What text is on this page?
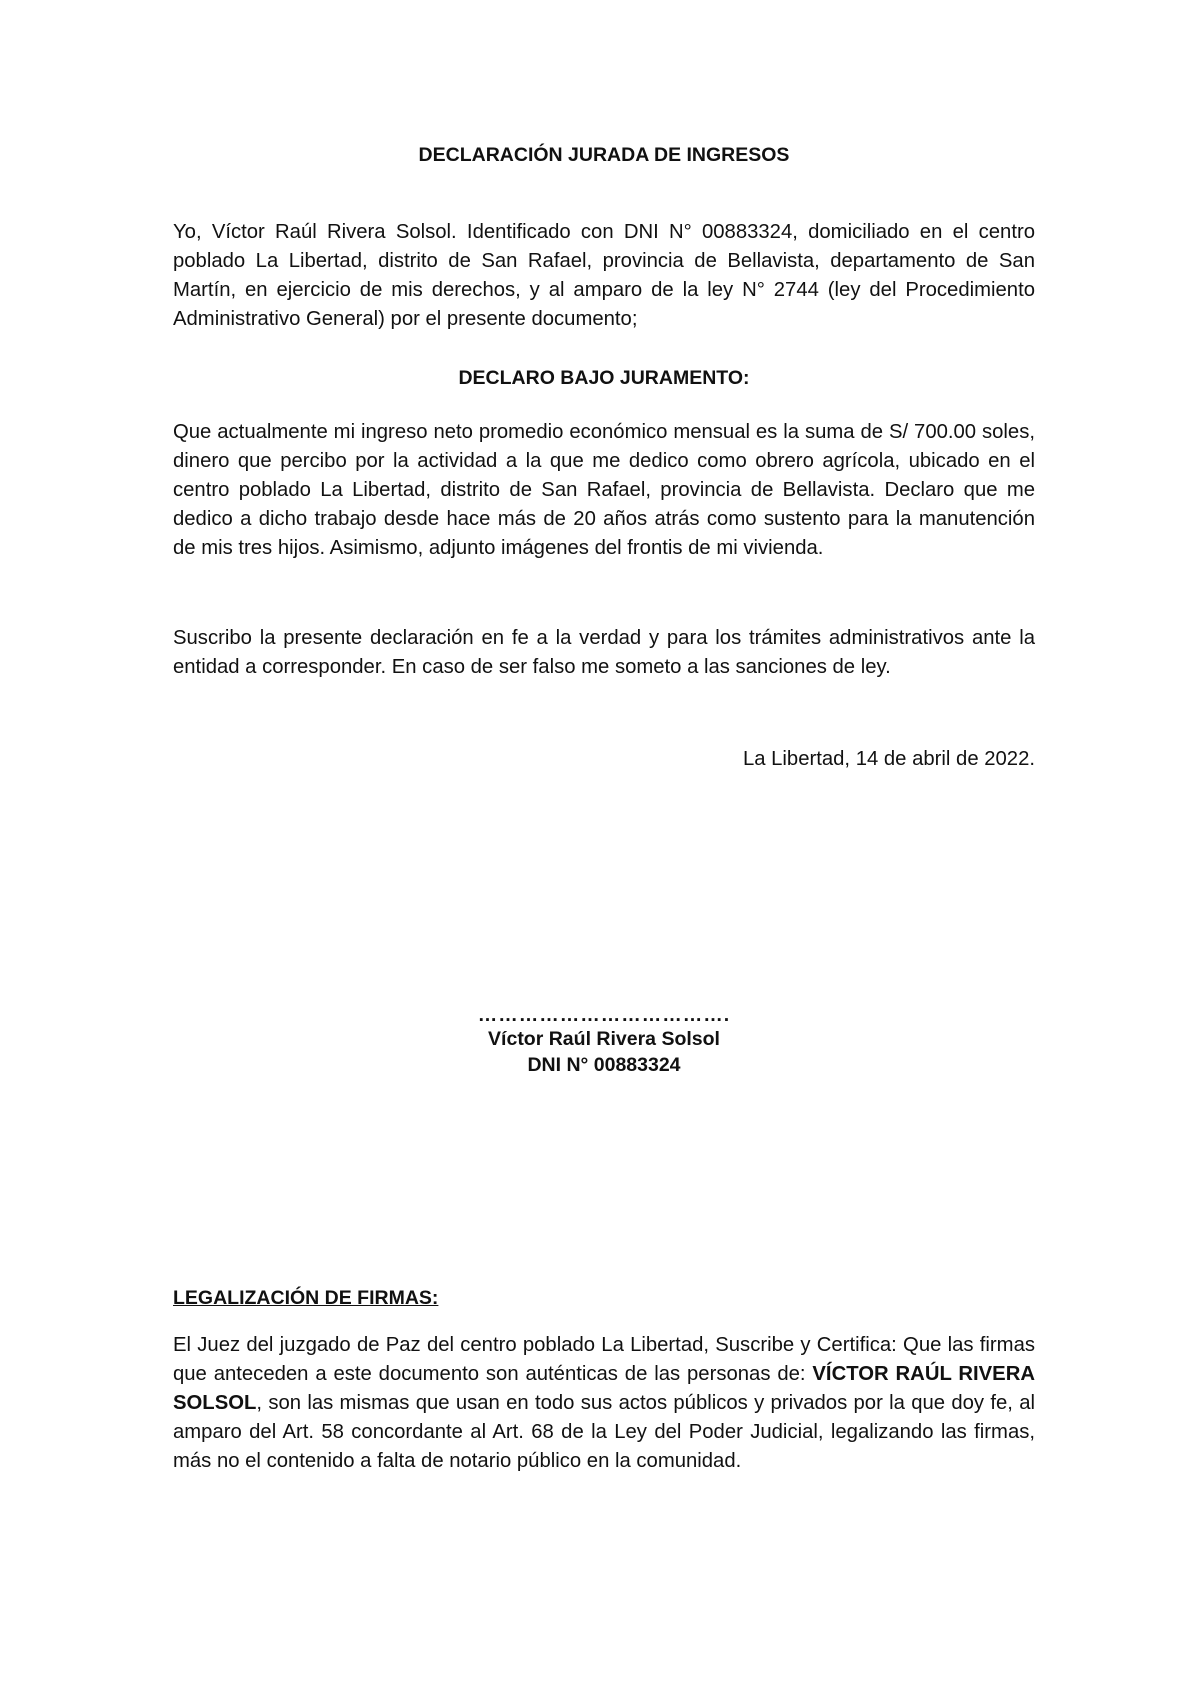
DECLARACIÓN JURADA DE INGRESOS
Yo, Víctor Raúl Rivera Solsol. Identificado con DNI N° 00883324, domiciliado en el centro poblado La Libertad, distrito de San Rafael, provincia de Bellavista, departamento de San Martín, en ejercicio de mis derechos, y al amparo de la ley N° 2744 (ley del Procedimiento Administrativo General) por el presente documento;
DECLARO BAJO JURAMENTO:
Que actualmente mi ingreso neto promedio económico mensual es la suma de S/ 700.00 soles, dinero que percibo por la actividad a la que me dedico como obrero agrícola, ubicado en el centro poblado La Libertad, distrito de San Rafael, provincia de Bellavista. Declaro que me dedico a dicho trabajo desde hace más de 20 años atrás como sustento para la manutención de mis tres hijos. Asimismo, adjunto imágenes del frontis de mi vivienda.
Suscribo la presente declaración en fe a la verdad y para los trámites administrativos ante la entidad a corresponder. En caso de ser falso me someto a las sanciones de ley.
La Libertad, 14 de abril de 2022.
……………………………….
Víctor Raúl Rivera Solsol
DNI N° 00883324
LEGALIZACIÓN DE FIRMAS:
El Juez del juzgado de Paz del centro poblado La Libertad, Suscribe y Certifica: Que las firmas que anteceden a este documento son auténticas de las personas de: VÍCTOR RAÚL RIVERA SOLSOL, son las mismas que usan en todo sus actos públicos y privados por la que doy fe, al amparo del Art. 58 concordante al Art. 68 de la Ley del Poder Judicial, legalizando las firmas, más no el contenido a falta de notario público en la comunidad.
